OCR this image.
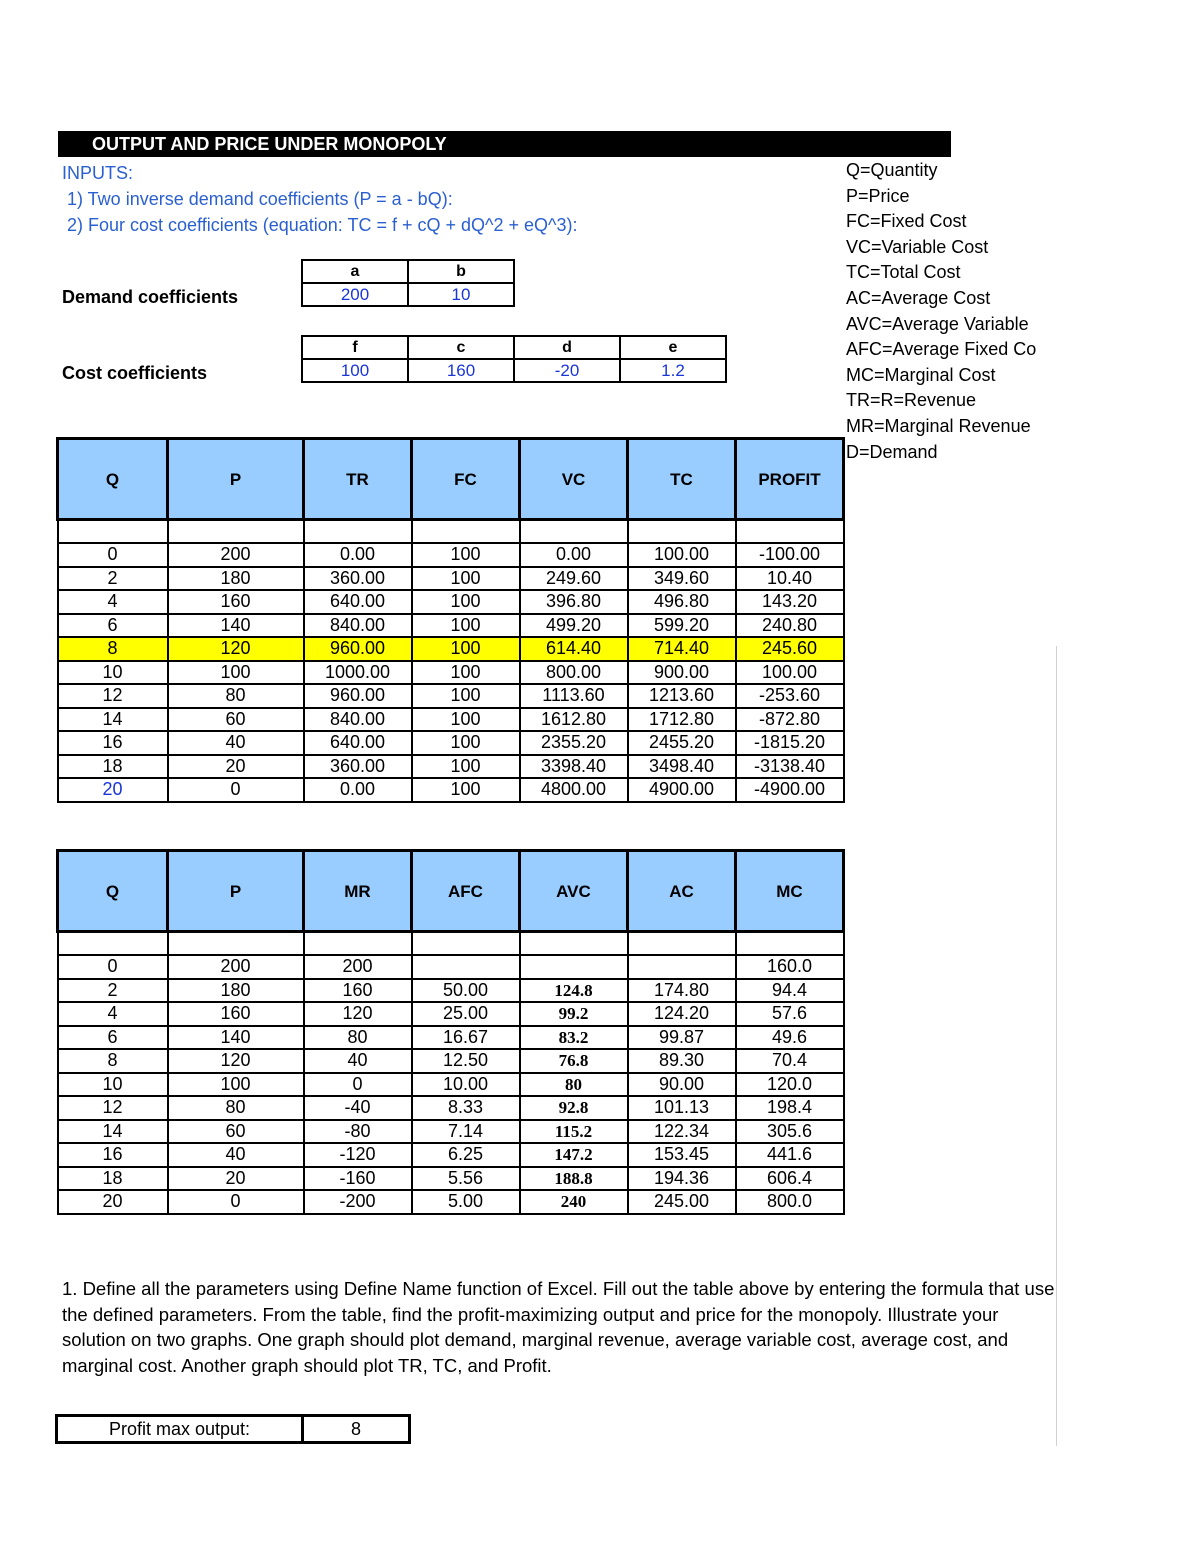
OUTPUT AND PRICE UNDER MONOPOLY
INPUTS:
1) Two inverse demand coefficients (P = a - bQ):
2) Four cost coefficients (equation: TC = f + cQ + dQ^2 + eQ^3):
Q=Quantity
P=Price
FC=Fixed Cost
VC=Variable Cost
TC=Total Cost
AC=Average Cost
AVC=Average Variable
AFC=Average Fixed Co
MC=Marginal Cost
TR=R=Revenue
MR=Marginal Revenue
D=Demand
Demand coefficients
a	b
200	10
Cost coefficients
f	c	d	e
100	160	-20	1.2
Q	P	TR	FC	VC	TC	PROFIT

0	200	0.00	100	0.00	100.00	-100.00
2	180	360.00	100	249.60	349.60	10.40
4	160	640.00	100	396.80	496.80	143.20
6	140	840.00	100	499.20	599.20	240.80
8	120	960.00	100	614.40	714.40	245.60
10	100	1000.00	100	800.00	900.00	100.00
12	80	960.00	100	1113.60	1213.60	-253.60
14	60	840.00	100	1612.80	1712.80	-872.80
16	40	640.00	100	2355.20	2455.20	-1815.20
18	20	360.00	100	3398.40	3498.40	-3138.40
20	0	0.00	100	4800.00	4900.00	-4900.00
Q	P	MR	AFC	AVC	AC	MC

0	200	200				160.0
2	180	160	50.00	124.8	174.80	94.4
4	160	120	25.00	99.2	124.20	57.6
6	140	80	16.67	83.2	99.87	49.6
8	120	40	12.50	76.8	89.30	70.4
10	100	0	10.00	80	90.00	120.0
12	80	-40	8.33	92.8	101.13	198.4
14	60	-80	7.14	115.2	122.34	305.6
16	40	-120	6.25	147.2	153.45	441.6
18	20	-160	5.56	188.8	194.36	606.4
20	0	-200	5.00	240	245.00	800.0
1. Define all the parameters using Define Name function of Excel. Fill out the table above by entering the formula that use the defined parameters. From the table, find the profit-maximizing output and price for the monopoly. Illustrate your solution on two graphs. One graph should plot demand, marginal revenue, average variable cost, average cost, and marginal cost. Another graph should plot TR, TC, and Profit.
Profit max output:	8
